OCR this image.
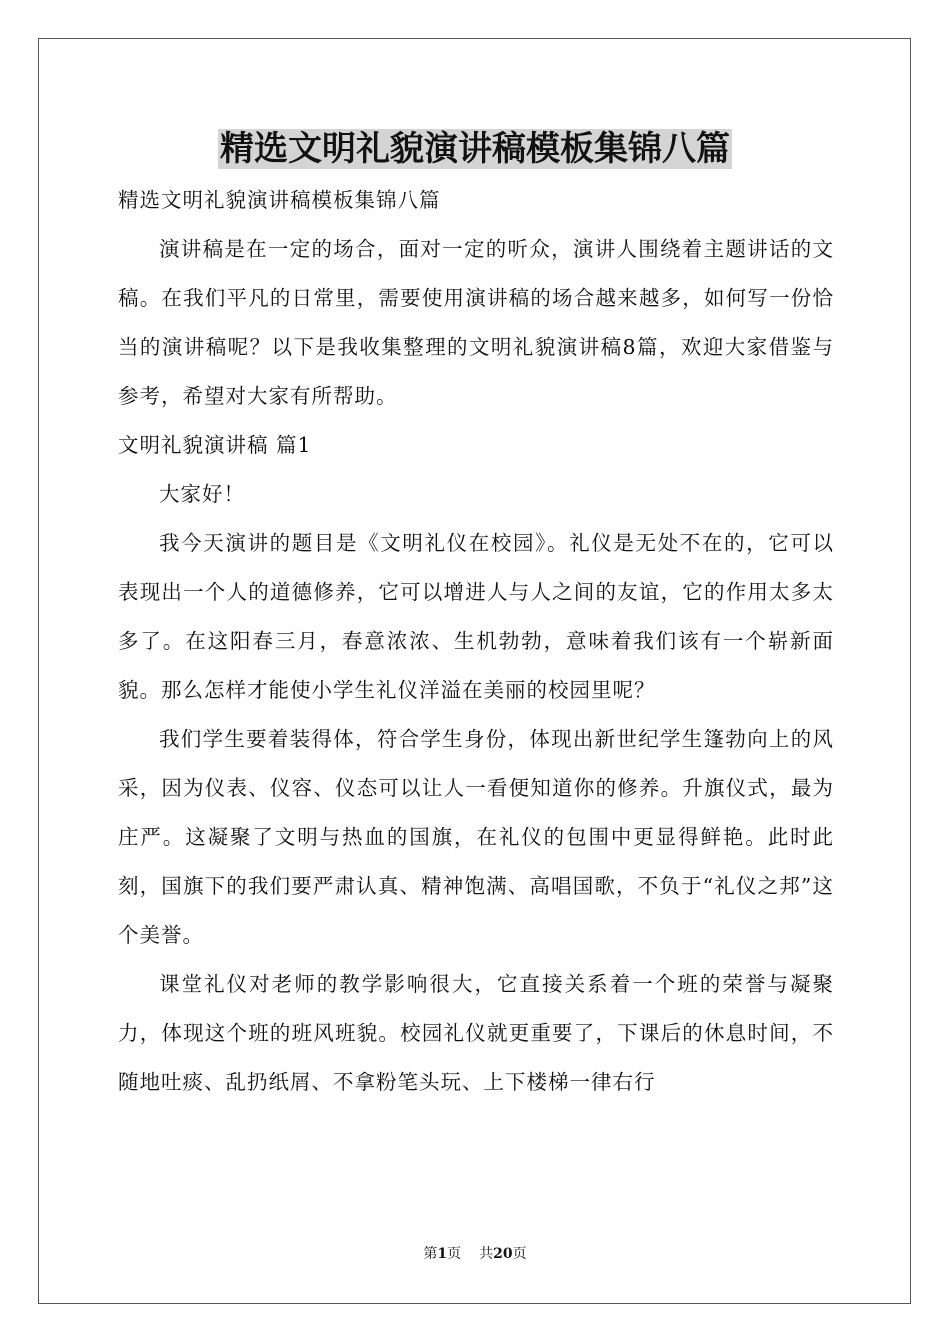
精选文明礼貌演讲稿模板集锦八篇

精选文明礼貌演讲稿模板集锦八篇

演讲稿是在一定的场合，面对一定的听众，演讲人围绕着主题讲话的文稿。在我们平凡的日常里，需要使用演讲稿的场合越来越多，如何写一份恰当的演讲稿呢？以下是我收集整理的文明礼貌演讲稿8篇，欢迎大家借鉴与参考，希望对大家有所帮助。

文明礼貌演讲稿 篇1

大家好！

我今天演讲的题目是《文明礼仪在校园》。礼仪是无处不在的，它可以表现出一个人的道德修养，它可以增进人与人之间的友谊，它的作用太多太多了。在这阳春三月，春意浓浓、生机勃勃，意味着我们该有一个崭新面貌。那么怎样才能使小学生礼仪洋溢在美丽的校园里呢？

我们学生要着装得体，符合学生身份，体现出新世纪学生篷勃向上的风采，因为仪表、仪容、仪态可以让人一看便知道你的修养。升旗仪式，最为庄严。这凝聚了文明与热血的国旗，在礼仪的包围中更显得鲜艳。此时此刻，国旗下的我们要严肃认真、精神饱满、高唱国歌，不负于“礼仪之邦”这个美誉。

课堂礼仪对老师的教学影响很大，它直接关系着一个班的荣誉与凝聚力，体现这个班的班风班貌。校园礼仪就更重要了，下课后的休息时间，不随地吐痰、乱扔纸屑、不拿粉笔头玩、上下楼梯一律右行

第1页 共20页
